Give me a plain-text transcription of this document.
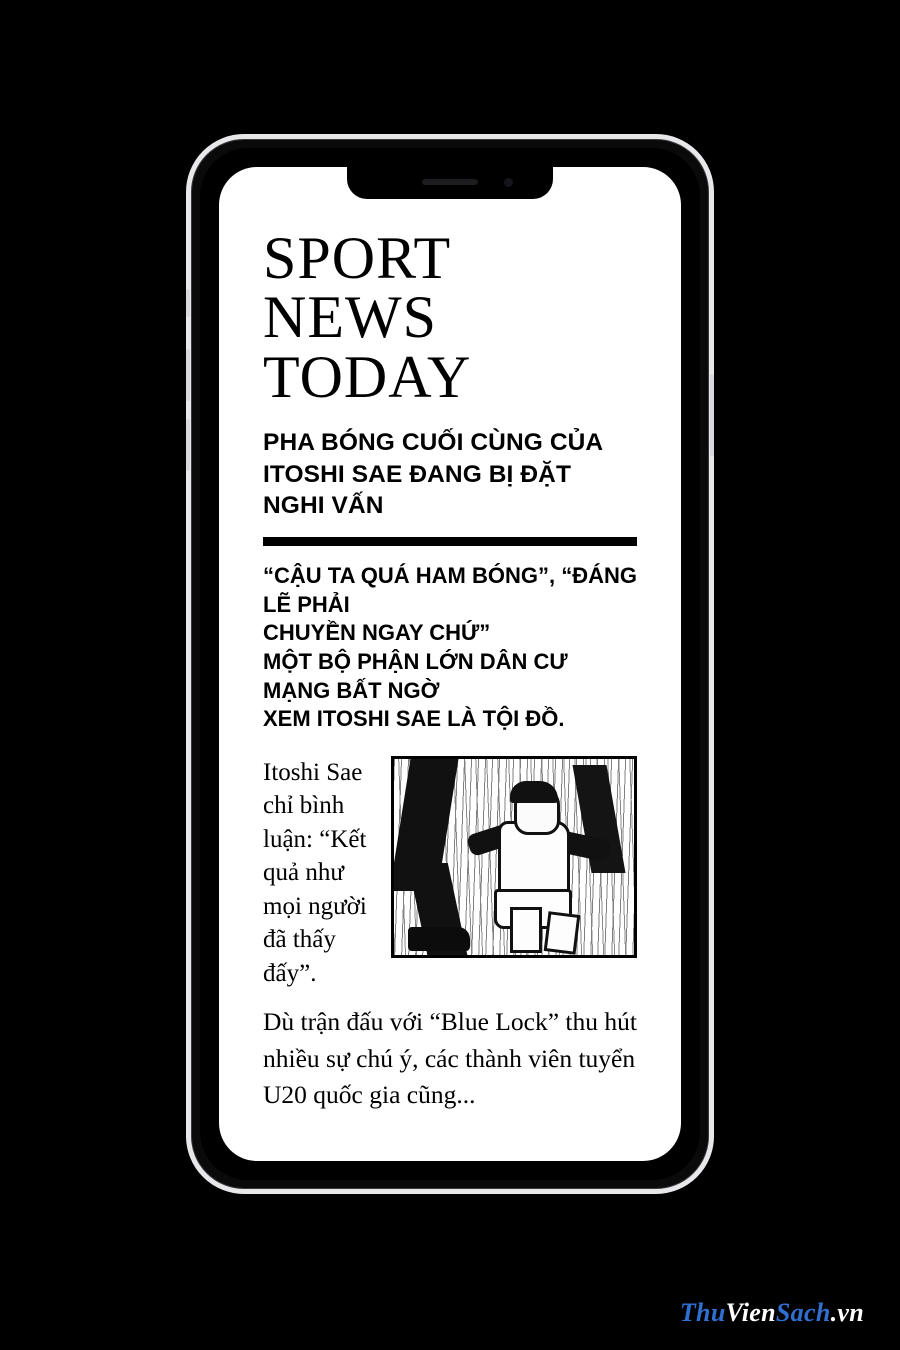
SPORT
NEWS
TODAY
PHA BÓNG CUỐI CÙNG CỦA
ITOSHI SAE ĐANG BỊ ĐẶT NGHI VẤN

“CẬU TA QUÁ HAM BÓNG”, “ĐÁNG LẼ PHẢI

CHUYỀN NGAY CHỨ”

MỘT BỘ PHẬN LỚN DÂN CƯ MẠNG BẤT NGỜ

XEM ITOSHI SAE LÀ TỘI ĐỒ.

Itoshi Sae chỉ bình luận: “Kết quả như mọi người đã thấy đấy”.

Dù trận đấu với “Blue Lock” thu hút nhiều sự chú ý, các thành viên tuyển U20 quốc gia cũng...

ThuVienSach.vn
